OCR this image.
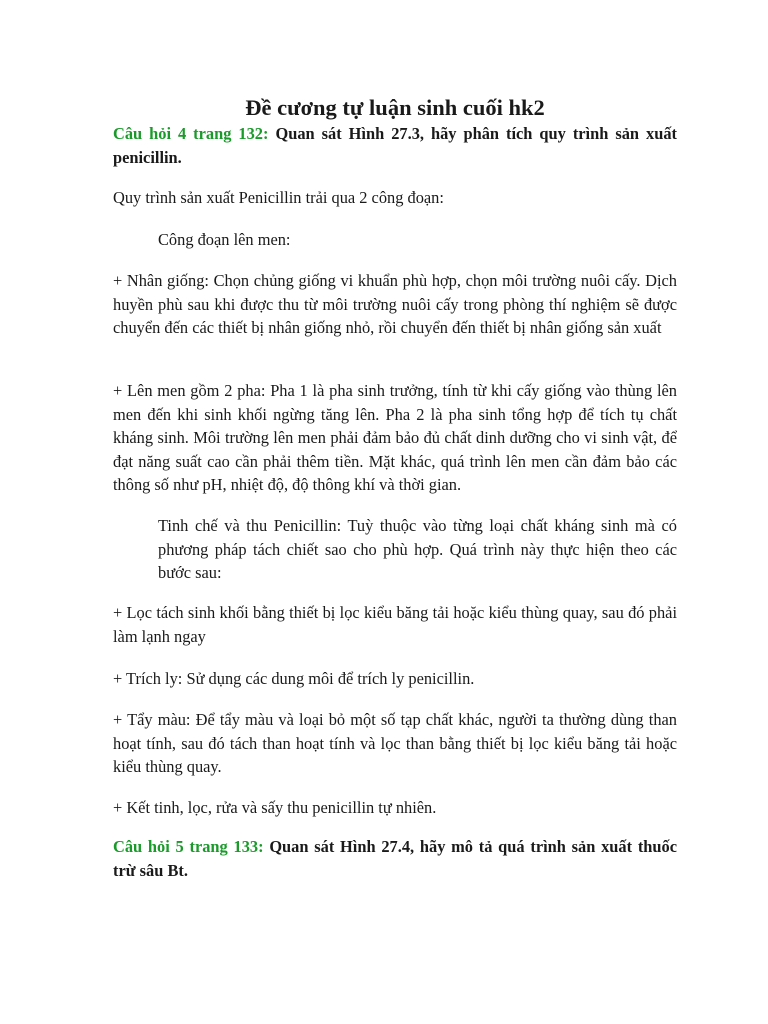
Đề cương tự luận sinh cuối hk2

Câu hỏi 4 trang 132: Quan sát Hình 27.3, hãy phân tích quy trình sản xuất penicillin.

Quy trình sản xuất Penicillin trải qua 2 công đoạn:

Công đoạn lên men:

+ Nhân giống: Chọn chủng giống vi khuẩn phù hợp, chọn môi trường nuôi cấy. Dịch huyền phù sau khi được thu từ môi trường nuôi cấy trong phòng thí nghiệm sẽ được chuyển đến các thiết bị nhân giống nhỏ, rồi chuyển đến thiết bị nhân giống sản xuất

+ Lên men gồm 2 pha: Pha 1 là pha sinh trưởng, tính từ khi cấy giống vào thùng lên men đến khi sinh khối ngừng tăng lên. Pha 2 là pha sinh tổng hợp để tích tụ chất kháng sinh. Môi trường lên men phải đảm bảo đủ chất dinh dưỡng cho vi sinh vật, để đạt năng suất cao cần phải thêm tiền. Mặt khác, quá trình lên men cần đảm bảo các thông số như pH, nhiệt độ, độ thông khí và thời gian.

Tinh chế và thu Penicillin: Tuỳ thuộc vào từng loại chất kháng sinh mà có phương pháp tách chiết sao cho phù hợp. Quá trình này thực hiện theo các bước sau:

+ Lọc tách sinh khối bằng thiết bị lọc kiểu băng tải hoặc kiểu thùng quay, sau đó phải làm lạnh ngay

+ Trích ly: Sử dụng các dung môi để trích ly penicillin.

+ Tẩy màu: Để tẩy màu và loại bỏ một số tạp chất khác, người ta thường dùng than hoạt tính, sau đó tách than hoạt tính và lọc than bằng thiết bị lọc kiểu băng tải hoặc kiểu thùng quay.

+ Kết tinh, lọc, rửa và sấy thu penicillin tự nhiên.

Câu hỏi 5 trang 133: Quan sát Hình 27.4, hãy mô tả quá trình sản xuất thuốc trừ sâu Bt.
